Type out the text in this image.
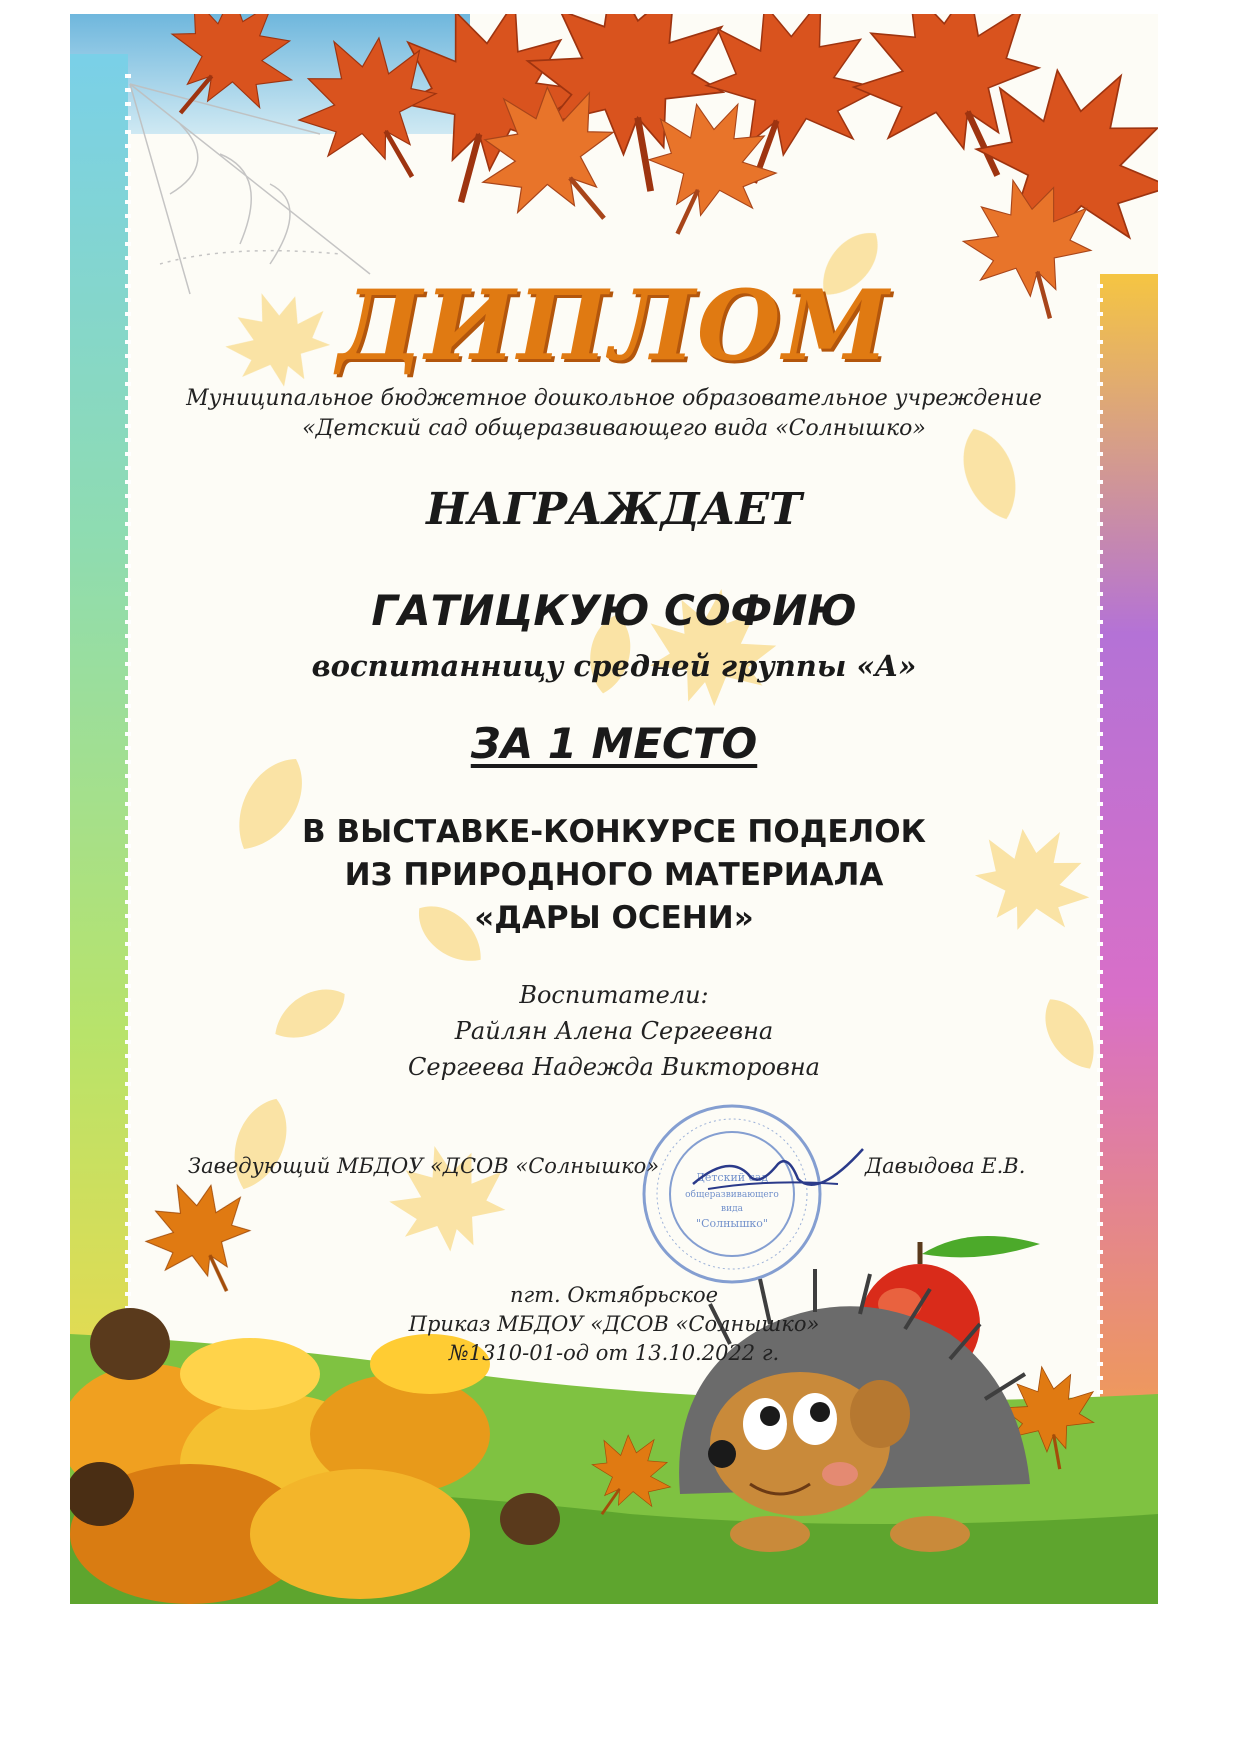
ДИПЛОМ
Муниципальное бюджетное дошкольное образовательное учреждение
«Детский сад общеразвивающего вида «Солнышко»
НАГРАЖДАЕТ
ГАТИЦКУЮ СОФИЮ
воспитанницу средней группы «А»
ЗА 1 МЕСТО
В ВЫСТАВКЕ-КОНКУРСЕ ПОДЕЛОК
ИЗ ПРИРОДНОГО МАТЕРИАЛА
«ДАРЫ ОСЕНИ»
Воспитатели:
Райлян Алена Сергеевна
Сергеева Надежда Викторовна
Детский сад
общеразвивающего
вида
"Солнышко"
Заведующий МБДОУ «ДСОВ «Солнышко»	Давыдова Е.В.
пгт. Октябрьское
Приказ МБДОУ «ДСОВ «Солнышко»
№1310-01-од от 13.10.2022 г.
